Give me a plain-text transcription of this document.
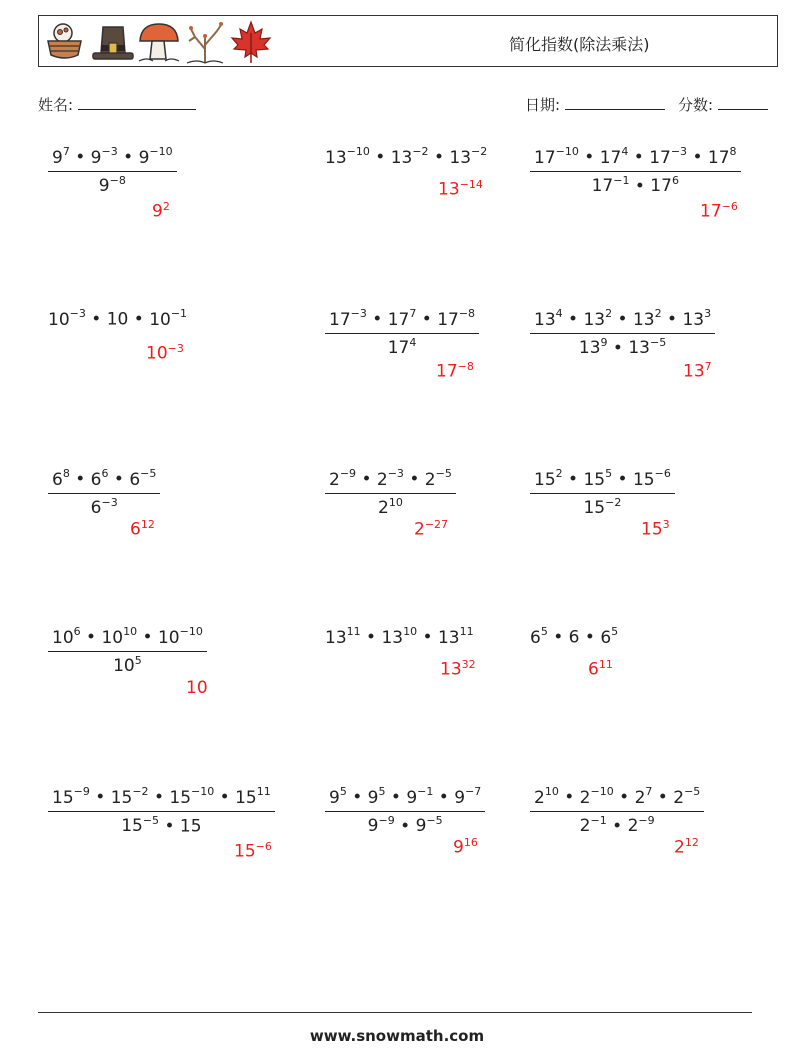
简化指数(除法乘法)
姓名:	日期:	分数:
$\frac{9^7 • 9^{-3} • 9^{-10}}{9^{-8}}$
$9^2$
$13^{-10}$ • $13^{-2}$ • $13^{-2}$
$13^{-14}$	$\frac{17^{-10} • 17^4 • 17^{-3} • 17^8}{17^{-1} • 17^6}$
$17^{-6}$
$10^{-3}$ • 10 • $10^{-1}$
$10^{-3}$	$\frac{17^{-3} • 17^7 • 17^{-8}}{17^4}$
$17^{-8}$
$\frac{13^4 • 13^2 • 13^2 • 13^3}{13^9 • 13^{-5}}$
$13^7$
$\frac{6^8 • 6^6 • 6^{-5}}{6^{-3}}$
$6^{12}$
$\frac{2^{-9} • 2^{-3} • 2^{-5}}{2^{10}}$
$2^{-27}$
$\frac{15^2 • 15^5 • 15^{-6}}{15^{-2}}$
$15^3$
$\frac{10^6 • 10^{10} • 10^{-10}}{10^5}$
10
$13^{11}$ • $13^{10}$ • $13^{11}$
$13^{32}$
$6^5$ • 6 • $6^5$
$6^{11}$
$\frac{15^{-9} • 15^{-2} • 15^{-10} • 15^{11}}{15^{-5} • 15}$
$15^{-6}$
$\frac{9^5 • 9^5 • 9^{-1} • 9^{-7}}{9^{-9} • 9^{-5}}$
$9^{16}$
$\frac{2^{10} • 2^{-10} • 2^7 • 2^{-5}}{2^{-1} • 2^{-9}}$
$2^{12}$
www.snowmath.com
